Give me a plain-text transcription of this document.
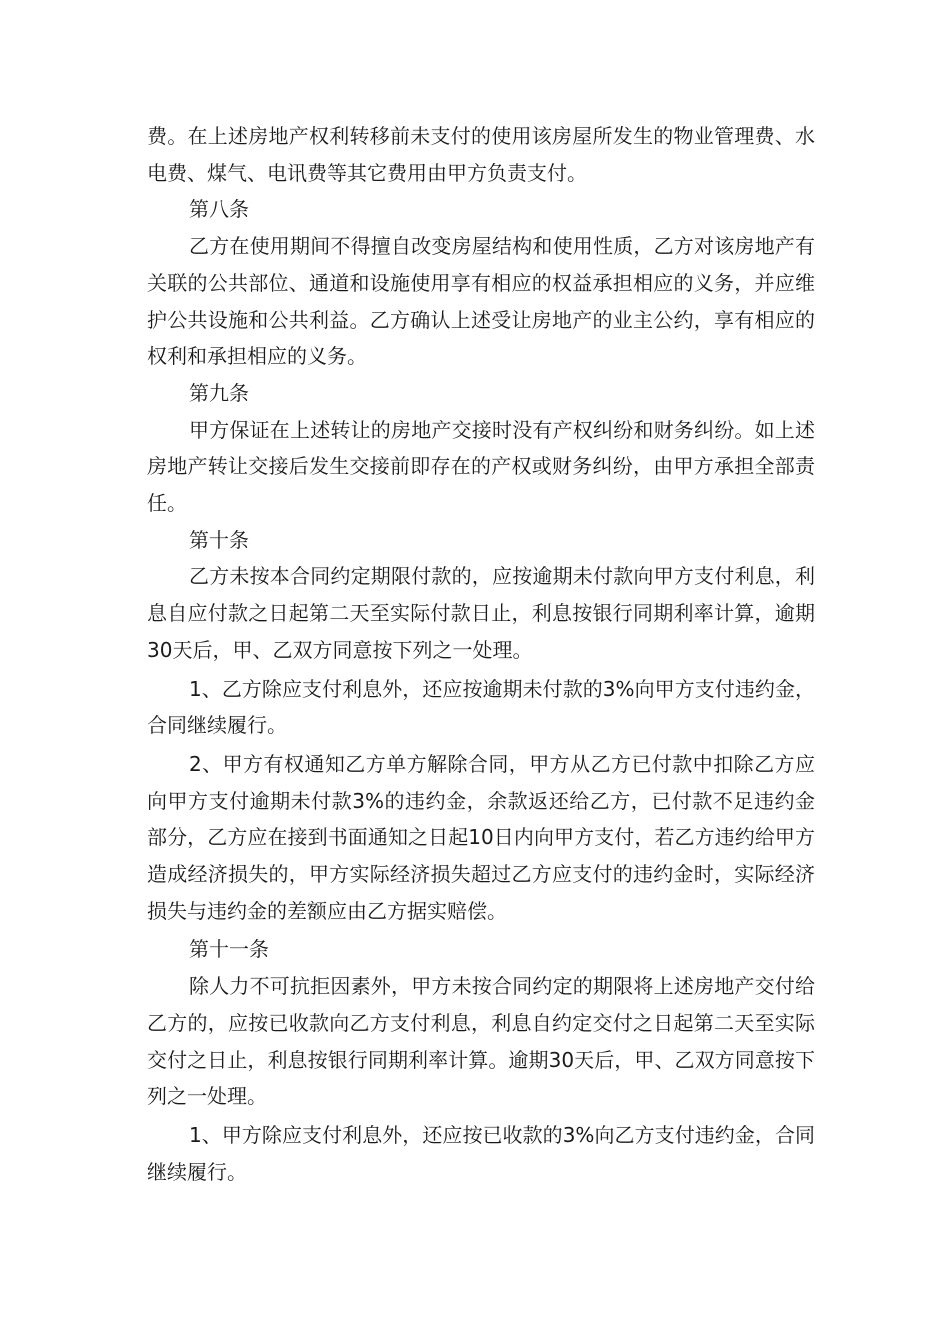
费。在上述房地产权利转移前未支付的使用该房屋所发生的物业管理费、水电费、煤气、电讯费等其它费用由甲方负责支付。

第八条

乙方在使用期间不得擅自改变房屋结构和使用性质，乙方对该房地产有关联的公共部位、通道和设施使用享有相应的权益承担相应的义务，并应维护公共设施和公共利益。乙方确认上述受让房地产的业主公约，享有相应的权利和承担相应的义务。

第九条

甲方保证在上述转让的房地产交接时没有产权纠纷和财务纠纷。如上述房地产转让交接后发生交接前即存在的产权或财务纠纷，由甲方承担全部责任。

第十条

乙方未按本合同约定期限付款的，应按逾期未付款向甲方支付利息，利息自应付款之日起第二天至实际付款日止，利息按银行同期利率计算，逾期30天后，甲、乙双方同意按下列之一处理。

1、乙方除应支付利息外，还应按逾期未付款的3%向甲方支付违约金，合同继续履行。

2、甲方有权通知乙方单方解除合同，甲方从乙方已付款中扣除乙方应向甲方支付逾期未付款3%的违约金，余款返还给乙方，已付款不足违约金部分，乙方应在接到书面通知之日起10日内向甲方支付，若乙方违约给甲方造成经济损失的，甲方实际经济损失超过乙方应支付的违约金时，实际经济损失与违约金的差额应由乙方据实赔偿。

第十一条

除人力不可抗拒因素外，甲方未按合同约定的期限将上述房地产交付给乙方的，应按已收款向乙方支付利息，利息自约定交付之日起第二天至实际交付之日止，利息按银行同期利率计算。逾期30天后，甲、乙双方同意按下列之一处理。

1、甲方除应支付利息外，还应按已收款的3%向乙方支付违约金，合同继续履行。
